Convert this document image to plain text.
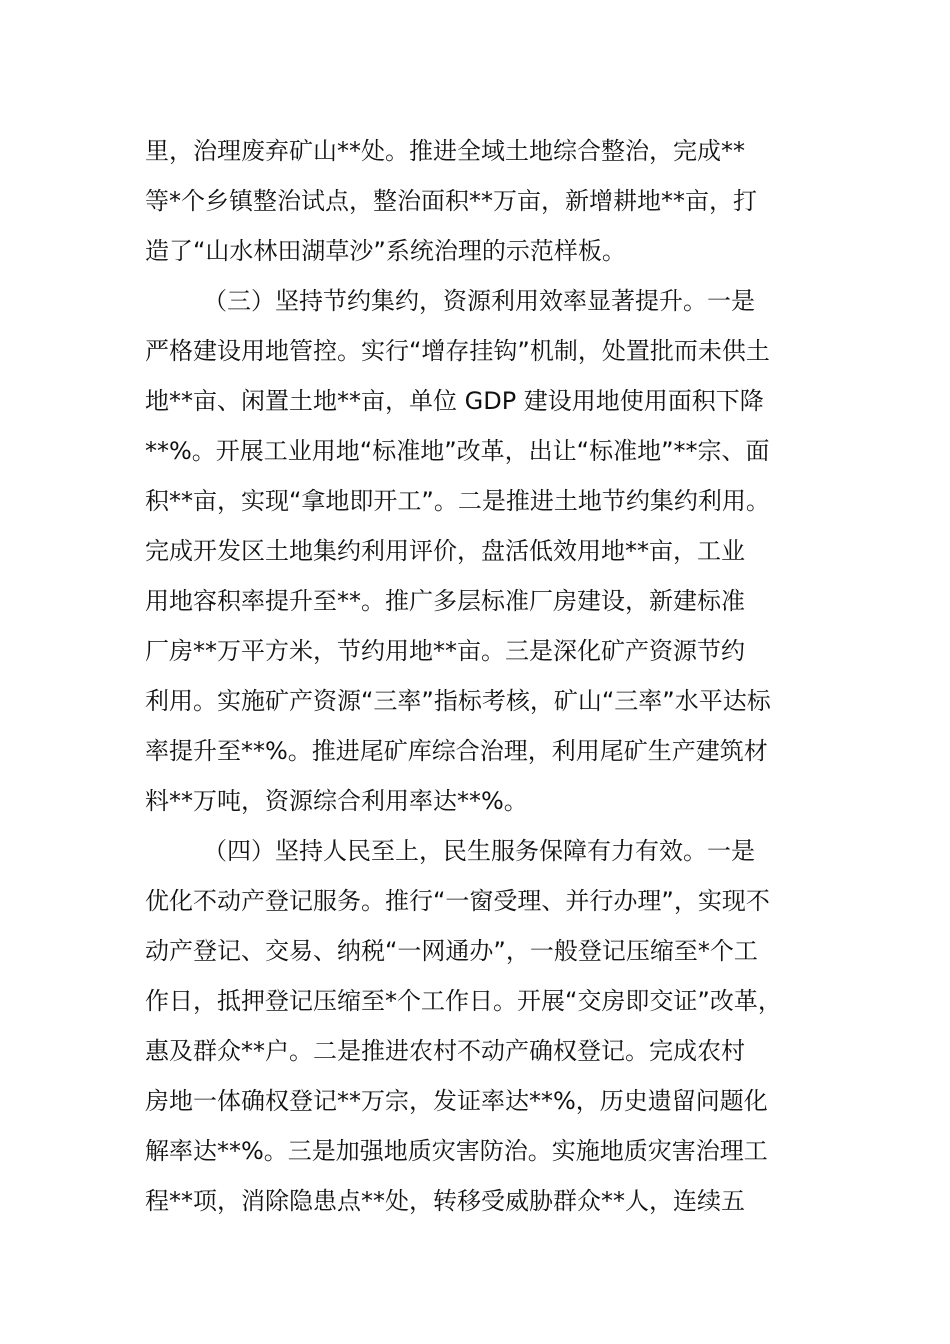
里，治理废弃矿山**处。推进全域土地综合整治，完成**
等*个乡镇整治试点，整治面积**万亩，新增耕地**亩，打
造了“山水林田湖草沙”系统治理的示范样板。
（三）坚持节约集约，资源利用效率显著提升。一是
严格建设用地管控。实行“增存挂钩”机制，处置批而未供土
地**亩、闲置土地**亩，单位 GDP 建设用地使用面积下降
**%。开展工业用地“标准地”改革，出让“标准地”**宗、面
积**亩，实现“拿地即开工”。二是推进土地节约集约利用。
完成开发区土地集约利用评价，盘活低效用地**亩，工业
用地容积率提升至**。推广多层标准厂房建设，新建标准
厂房**万平方米，节约用地**亩。三是深化矿产资源节约
利用。实施矿产资源“三率”指标考核，矿山“三率”水平达标
率提升至**%。推进尾矿库综合治理，利用尾矿生产建筑材
料**万吨，资源综合利用率达**%。
（四）坚持人民至上，民生服务保障有力有效。一是
优化不动产登记服务。推行“一窗受理、并行办理”，实现不
动产登记、交易、纳税“一网通办”，一般登记压缩至*个工
作日，抵押登记压缩至*个工作日。开展“交房即交证”改革，
惠及群众**户。二是推进农村不动产确权登记。完成农村
房地一体确权登记**万宗，发证率达**%，历史遗留问题化
解率达**%。三是加强地质灾害防治。实施地质灾害治理工
程**项，消除隐患点**处，转移受威胁群众**人，连续五
